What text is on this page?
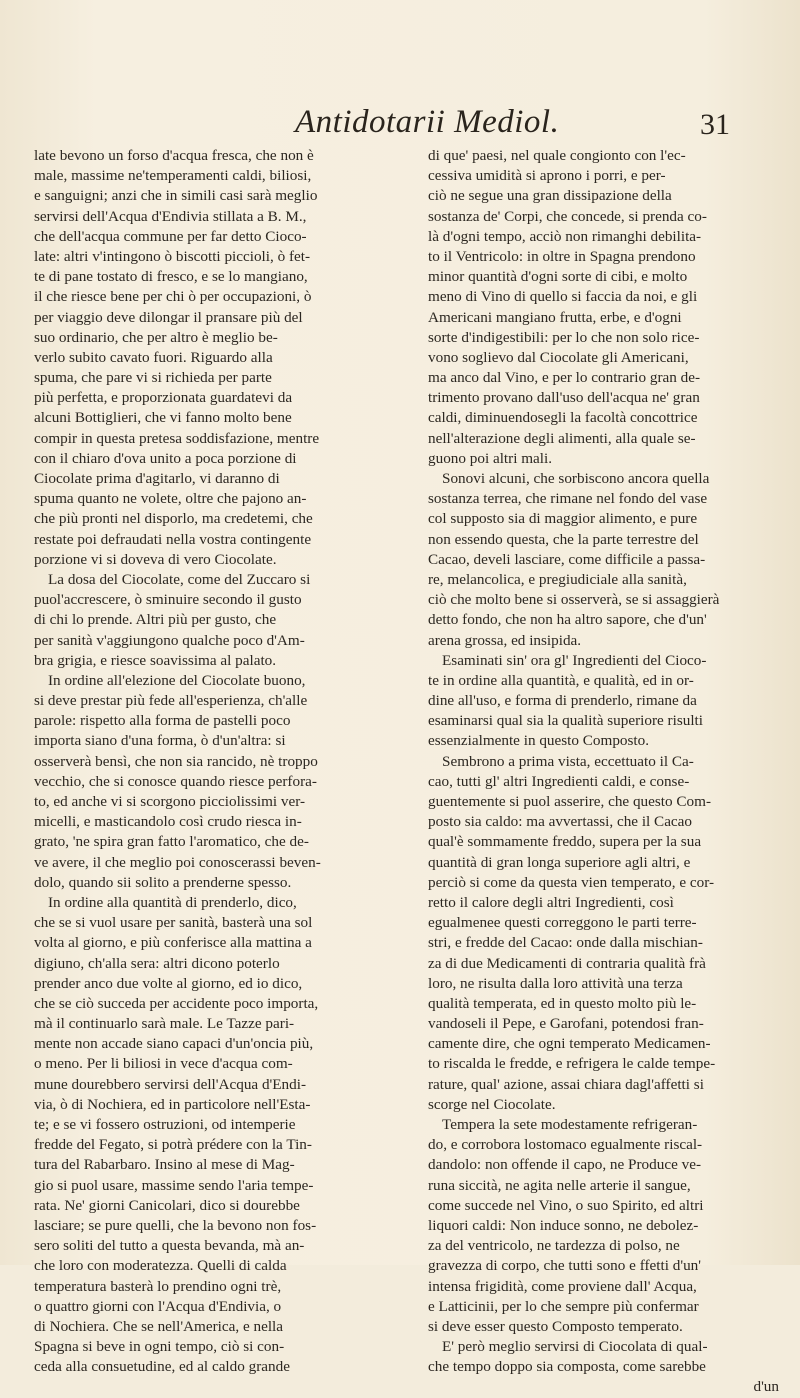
Antidotarii Mediol.	31
late bevono un forso d'acqua fresca, che non è
male, massime ne'temperamenti caldi, biliosi,
e sanguigni; anzi che in simili casi sarà meglio
servirsi dell'Acqua d'Endivia stillata a B. M.,
che dell'acqua commune per far detto Cioco-
late: altri v'intingono ò biscotti piccioli, ò fet-
te di pane tostato di fresco, e se lo mangiano,
il che riesce bene per chi ò per occupazioni, ò
per viaggio deve dilongar il pransare più del
suo ordinario, che per altro è meglio be-
verlo subito cavato fuori. Riguardo alla
spuma, che pare vi si richieda per parte
più perfetta, e proporzionata guardatevi da
alcuni Bottiglieri, che vi fanno molto bene
compir in questa pretesa soddisfazione, mentre
con il chiaro d'ova unito a poca porzione di
Ciocolate prima d'agitarlo, vi daranno di
spuma quanto ne volete, oltre che pajono an-
che più pronti nel disporlo, ma credetemi, che
restate poi defraudati nella vostra contingente
porzione vi si doveva di vero Ciocolate.
La dosa del Ciocolate, come del Zuccaro si
puol'accrescere, ò sminuire secondo il gusto
di chi lo prende. Altri più per gusto, che
per sanità v'aggiungono qualche poco d'Am-
bra grigia, e riesce soavissima al palato.
In ordine all'elezione del Ciocolate buono,
si deve prestar più fede all'esperienza, ch'alle
parole: rispetto alla forma de pastelli poco
importa siano d'una forma, ò d'un'altra: si
osserverà bensì, che non sia rancido, nè troppo
vecchio, che si conosce quando riesce perfora-
to, ed anche vi si scorgono picciolissimi ver-
micelli, e masticandolo così crudo riesca in-
grato, 'ne spira gran fatto l'aromatico, che de-
ve avere, il che meglio poi conoscerassi beven-
dolo, quando sii solito a prenderne spesso.
In ordine alla quantità di prenderlo, dico,
che se si vuol usare per sanità, basterà una sol
volta al giorno, e più conferisce alla mattina a
digiuno, ch'alla sera: altri dicono poterlo
prender anco due volte al giorno, ed io dico,
che se ciò succeda per accidente poco importa,
mà il continuarlo sarà male. Le Tazze pari-
mente non accade siano capaci d'un'oncia più,
o meno. Per li biliosi in vece d'acqua com-
mune dourebbero servirsi dell'Acqua d'Endi-
via, ò di Nochiera, ed in particolore nell'Esta-
te; e se vi fossero ostruzioni, od intemperie
fredde del Fegato, si potrà prédere con la Tin-
tura del Rabarbaro. Insino al mese di Mag-
gio si puol usare, massime sendo l'aria tempe-
rata. Ne' giorni Canicolari, dico si dourebbe
lasciare; se pure quelli, che la bevono non fos-
sero soliti del tutto a questa bevanda, mà an-
che loro con moderatezza. Quelli di calda
temperatura basterà lo prendino ogni trè,
o quattro giorni con l'Acqua d'Endivia, o
di Nochiera. Che se nell'America, e nella
Spagna si beve in ogni tempo, ciò si con-
ceda alla consuetudine, ed al caldo grande
di que' paesi, nel quale congionto con l'ec-
cessiva umidità si aprono i porri, e per-
ciò ne segue una gran dissipazione della
sostanza de' Corpi, che concede, si prenda co-
là d'ogni tempo, acciò non rimanghi debilita-
to il Ventricolo: in oltre in Spagna prendono
minor quantità d'ogni sorte di cibi, e molto
meno di Vino di quello si faccia da noi, e gli
Americani mangiano frutta, erbe, e d'ogni
sorte d'indigestibili: per lo che non solo rice-
vono soglievo dal Ciocolate gli Americani,
ma anco dal Vino, e per lo contrario gran de-
trimento provano dall'uso dell'acqua ne' gran
caldi, diminuendosegli la facoltà concottrice
nell'alterazione degli alimenti, alla quale se-
guono poi altri mali.
Sonovi alcuni, che sorbiscono ancora quella
sostanza terrea, che rimane nel fondo del vase
col supposto sia di maggior alimento, e pure
non essendo questa, che la parte terrestre del
Cacao, develi lasciare, come difficile a passa-
re, melancolica, e pregiudiciale alla sanità,
ciò che molto bene si osserverà, se si assaggierà
detto fondo, che non ha altro sapore, che d'un'
arena grossa, ed insipida.
Esaminati sin' ora gl' Ingredienti del Cioco-
te in ordine alla quantità, e qualità, ed in or-
dine all'uso, e forma di prenderlo, rimane da
esaminarsi qual sia la qualità superiore risulti
essenzialmente in questo Composto.
Sembrono a prima vista, eccettuato il Ca-
cao, tutti gl' altri Ingredienti caldi, e conse-
guentemente si puol asserire, che questo Com-
posto sia caldo: ma avvertassi, che il Cacao
qual'è sommamente freddo, supera per la sua
quantità di gran longa superiore agli altri, e
perciò si come da questa vien temperato, e cor-
retto il calore degli altri Ingredienti, così
egualmenee questi correggono le parti terre-
stri, e fredde del Cacao: onde dalla mischian-
za di due Medicamenti di contraria qualità frà
loro, ne risulta dalla loro attività una terza
qualità temperata, ed in questo molto più le-
vandoseli il Pepe, e Garofani, potendosi fran-
camente dire, che ogni temperato Medicamen-
to riscalda le fredde, e refrigera le calde tempe-
rature, qual' azione, assai chiara dagl'affetti si
scorge nel Ciocolate.
Tempera la sete modestamente refrigeran-
do, e corrobora lostomaco egualmente riscal-
dandolo: non offende il capo, ne Produce ve-
runa siccità, ne agita nelle arterie il sangue,
come succede nel Vino, o suo Spirito, ed altri
liquori caldi: Non induce sonno, ne debolez-
za del ventricolo, ne tardezza di polso, ne
gravezza di corpo, che tutti sono e ffetti d'un'
intensa frigidità, come proviene dall' Acqua,
e Latticinii, per lo che sempre più confermar
si deve esser questo Composto temperato.
E' però meglio servirsi di Ciocolata di qual-
che tempo doppo sia composta, come sarebbe
d'un
